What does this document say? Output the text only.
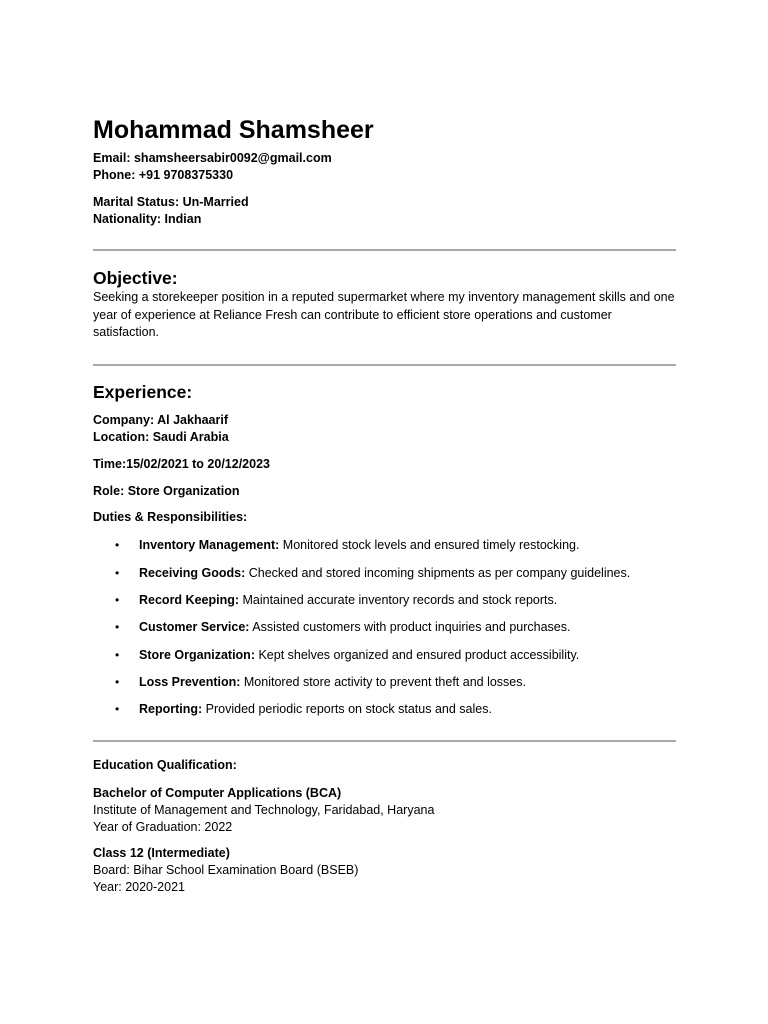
Mohammad Shamsheer

Email: shamsheersabir0092@gmail.com

Phone: +91 9708375330

Marital Status: Un-Married

Nationality: Indian

Objective:

Seeking a storekeeper position in a reputed supermarket where my inventory management skills and one year of experience at Reliance Fresh can contribute to efficient store operations and customer satisfaction.

Experience:

Company: Al Jakhaarif

Location: Saudi Arabia

Time:15/02/2021 to 20/12/2023

Role: Store Organization

Duties & Responsibilities:

• Inventory Management: Monitored stock levels and ensured timely restocking.
• Receiving Goods: Checked and stored incoming shipments as per company guidelines.
• Record Keeping: Maintained accurate inventory records and stock reports.
• Customer Service: Assisted customers with product inquiries and purchases.
• Store Organization: Kept shelves organized and ensured product accessibility.
• Loss Prevention: Monitored store activity to prevent theft and losses.
• Reporting: Provided periodic reports on stock status and sales.

Education Qualification:

Bachelor of Computer Applications (BCA)

Institute of Management and Technology, Faridabad, Haryana

Year of Graduation: 2022

Class 12 (Intermediate)

Board: Bihar School Examination Board (BSEB)

Year: 2020-2021
